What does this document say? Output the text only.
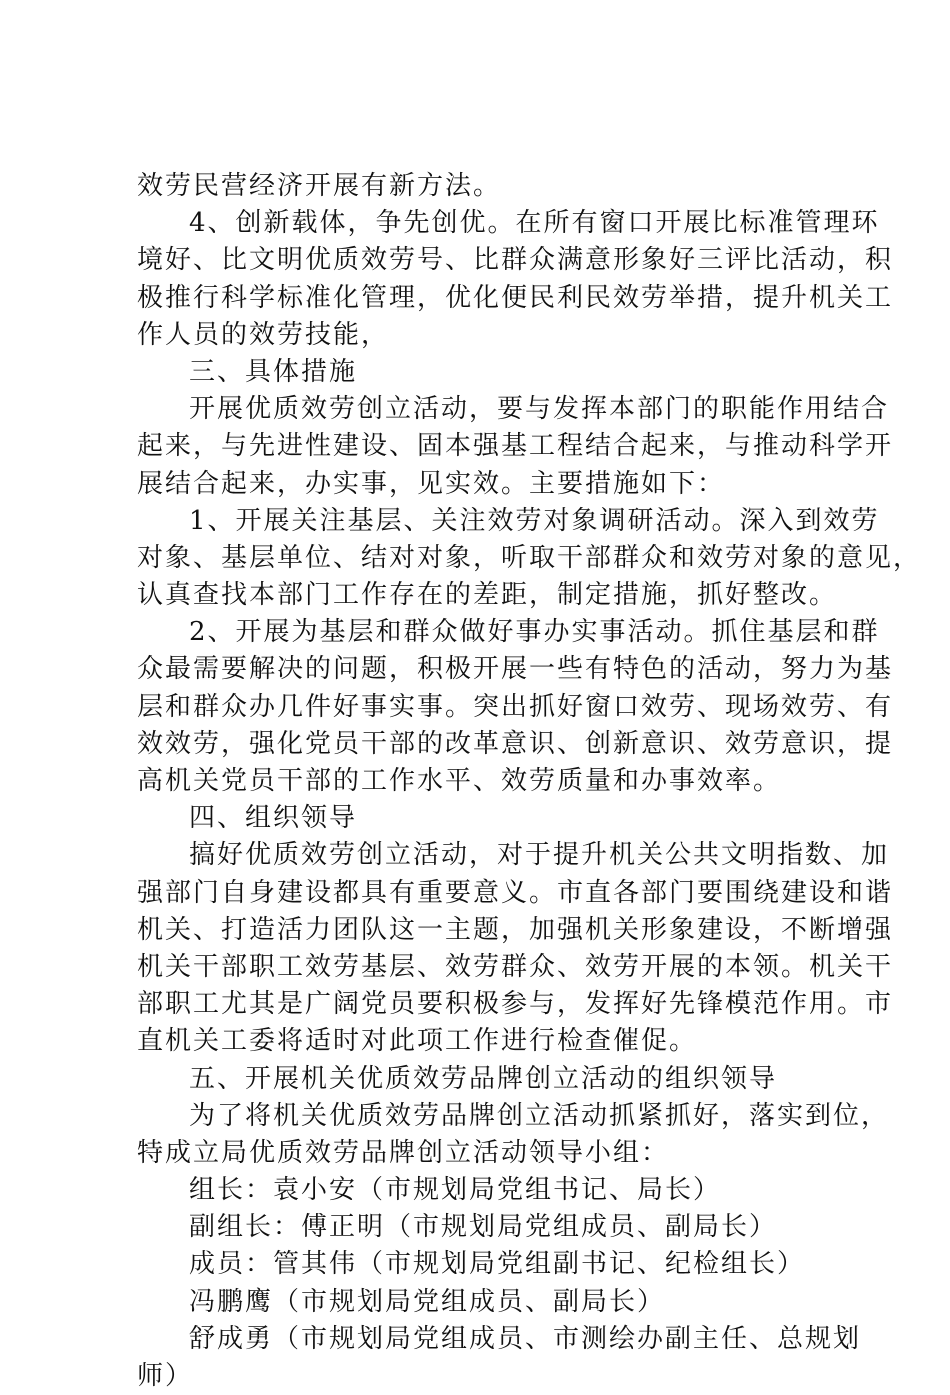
效劳民营经济开展有新方法。
4、创新载体，争先创优。在所有窗口开展比标准管理环
境好、比文明优质效劳号、比群众满意形象好三评比活动，积
极推行科学标准化管理，优化便民利民效劳举措，提升机关工
作人员的效劳技能，
三、具体措施
开展优质效劳创立活动，要与发挥本部门的职能作用结合
起来，与先进性建设、固本强基工程结合起来，与推动科学开
展结合起来，办实事，见实效。主要措施如下：
1、开展关注基层、关注效劳对象调研活动。深入到效劳
对象、基层单位、结对对象，听取干部群众和效劳对象的意见，
认真查找本部门工作存在的差距，制定措施，抓好整改。
2、开展为基层和群众做好事办实事活动。抓住基层和群
众最需要解决的问题，积极开展一些有特色的活动，努力为基
层和群众办几件好事实事。突出抓好窗口效劳、现场效劳、有
效效劳，强化党员干部的改革意识、创新意识、效劳意识，提
高机关党员干部的工作水平、效劳质量和办事效率。
四、组织领导
搞好优质效劳创立活动，对于提升机关公共文明指数、加
强部门自身建设都具有重要意义。市直各部门要围绕建设和谐
机关、打造活力团队这一主题，加强机关形象建设，不断增强
机关干部职工效劳基层、效劳群众、效劳开展的本领。机关干
部职工尤其是广阔党员要积极参与，发挥好先锋模范作用。市
直机关工委将适时对此项工作进行检查催促。
五、开展机关优质效劳品牌创立活动的组织领导
为了将机关优质效劳品牌创立活动抓紧抓好，落实到位，
特成立局优质效劳品牌创立活动领导小组：
组长：袁小安（市规划局党组书记、局长）
副组长：傅正明（市规划局党组成员、副局长）
成员：管其伟（市规划局党组副书记、纪检组长）
冯鹏鹰（市规划局党组成员、副局长）
舒成勇（市规划局党组成员、市测绘办副主任、总规划
师）
